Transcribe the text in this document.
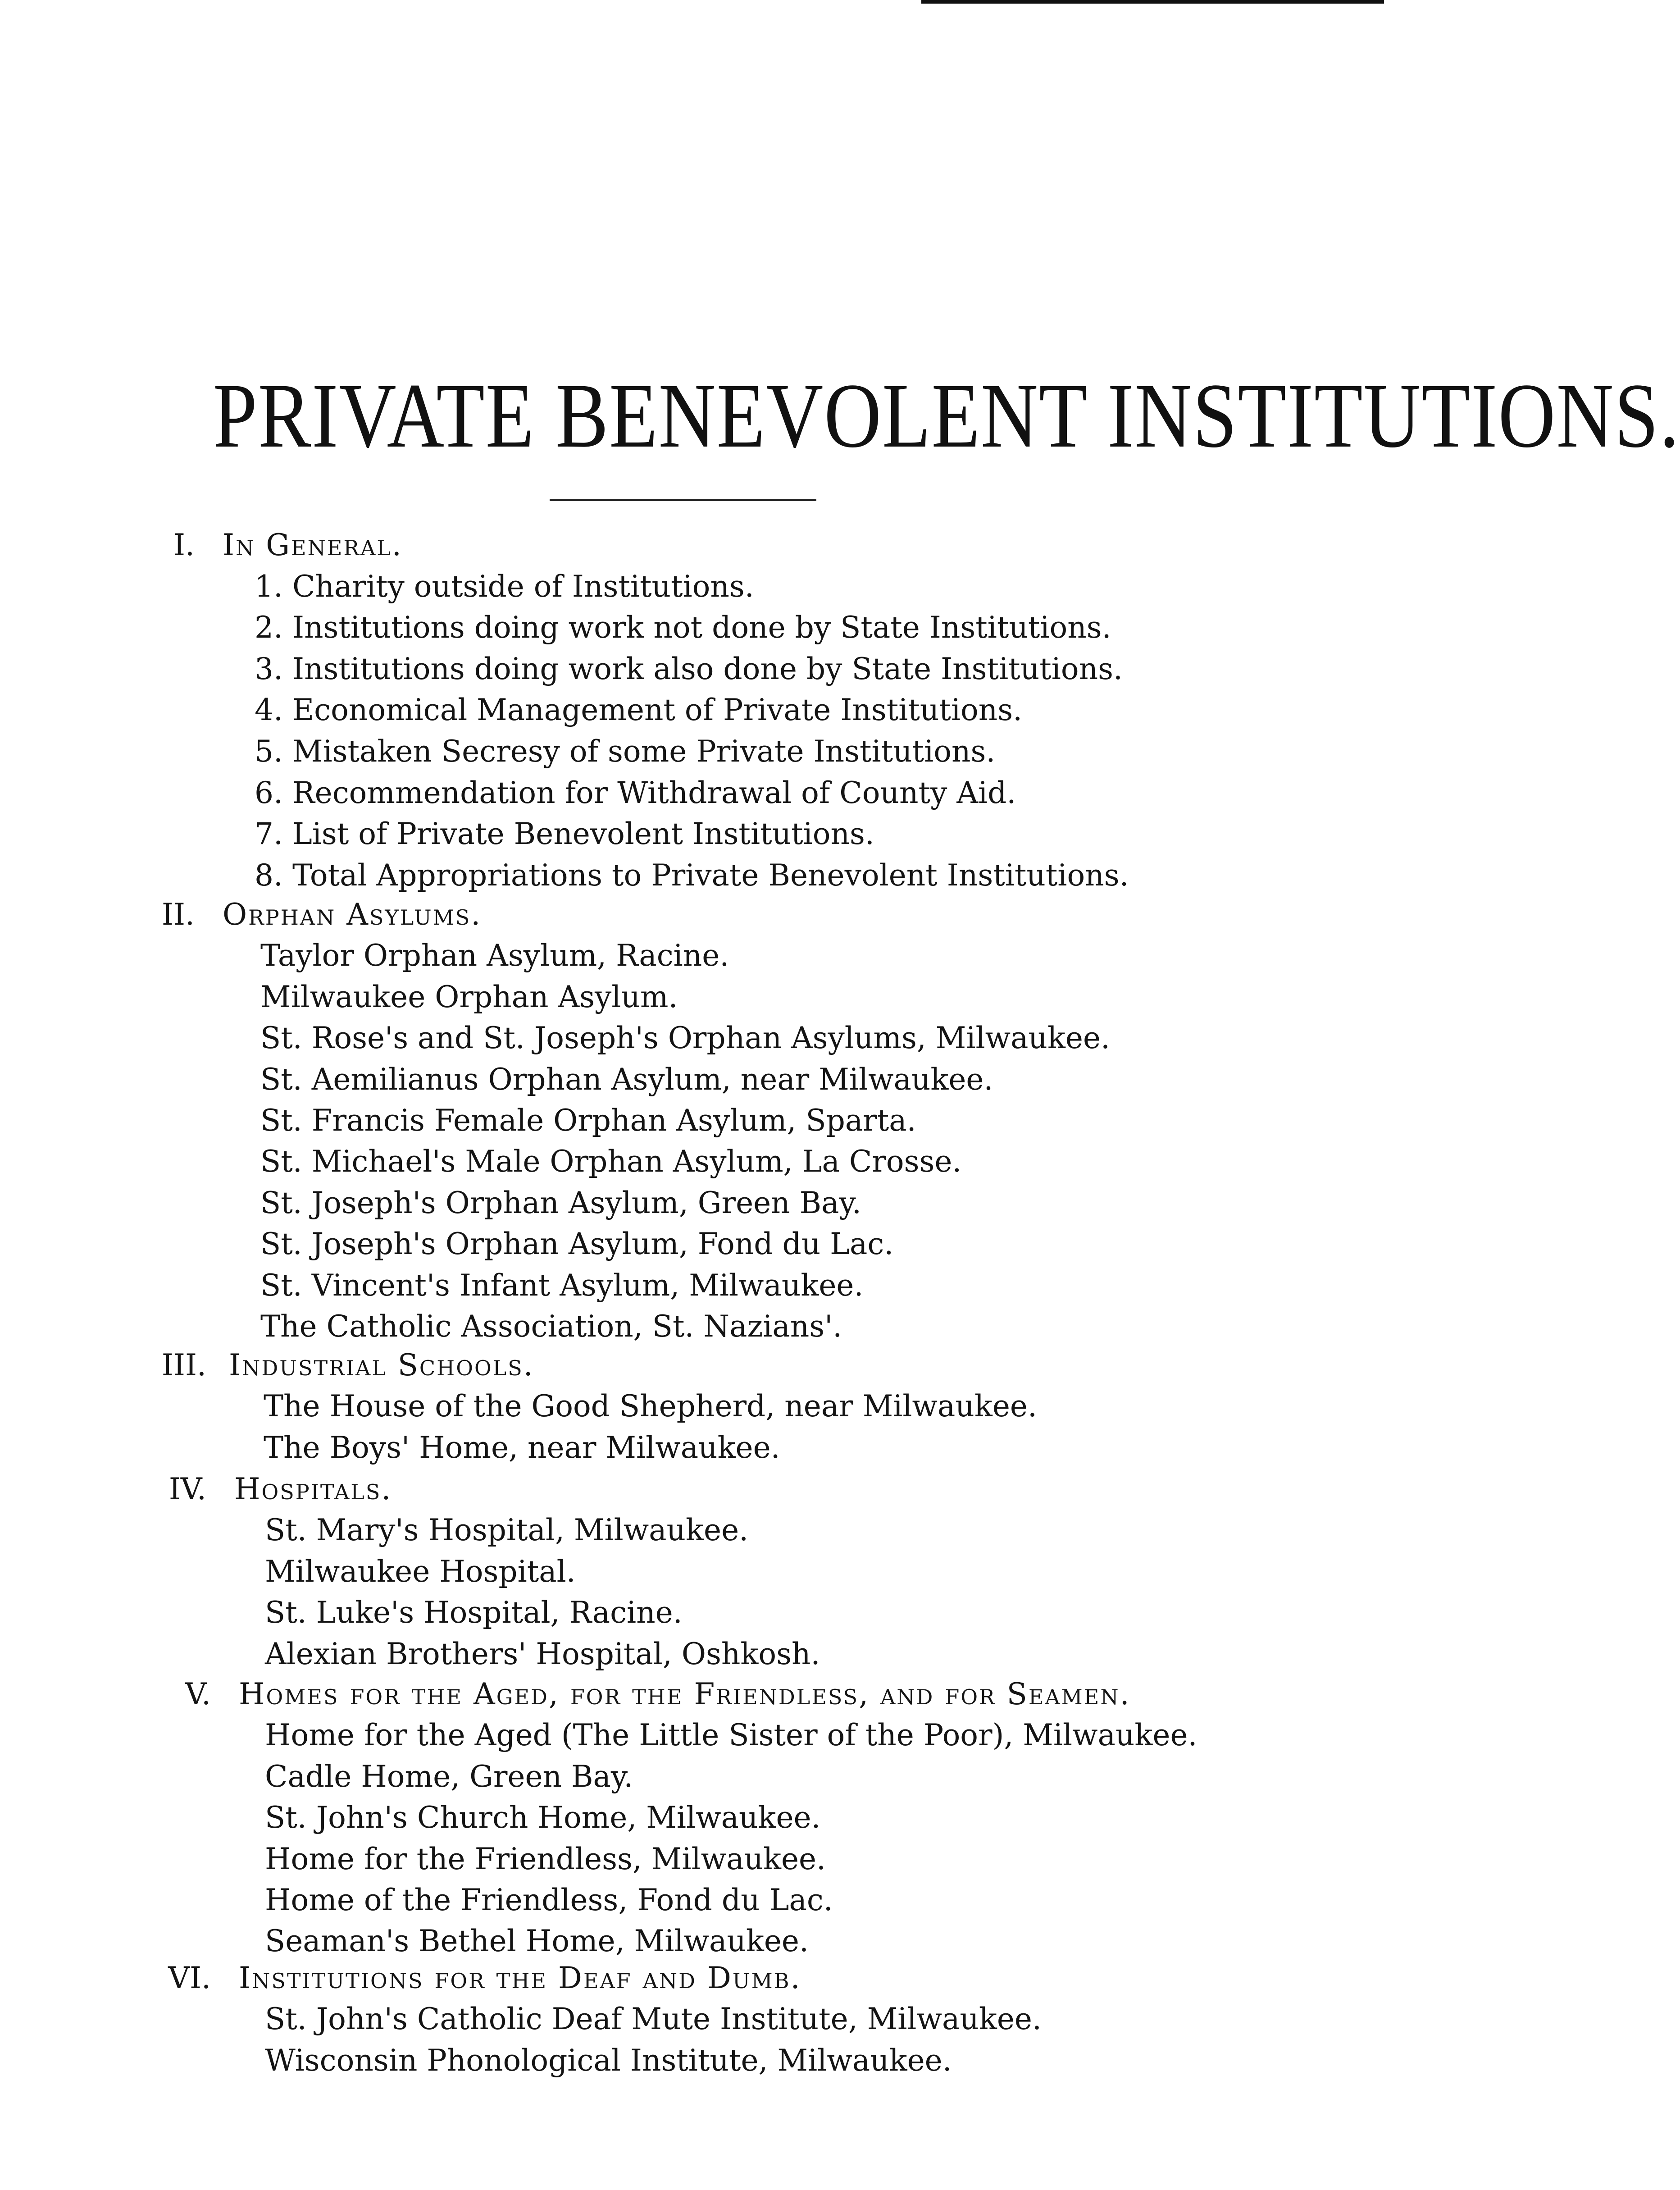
PRIVATE BENEVOLENT INSTITUTIONS.
I. In General.
1. Charity outside of Institutions.
2. Institutions doing work not done by State Institutions.
3. Institutions doing work also done by State Institutions.
4. Economical Management of Private Institutions.
5. Mistaken Secresy of some Private Institutions.
6. Recommendation for Withdrawal of County Aid.
7. List of Private Benevolent Institutions.
8. Total Appropriations to Private Benevolent Institutions.
II. Orphan Asylums.
Taylor Orphan Asylum, Racine.
Milwaukee Orphan Asylum.
St. Rose's and St. Joseph's Orphan Asylums, Milwaukee.
St. Aemilianus Orphan Asylum, near Milwaukee.
St. Francis Female Orphan Asylum, Sparta.
St. Michael's Male Orphan Asylum, La Crosse.
St. Joseph's Orphan Asylum, Green Bay.
St. Joseph's Orphan Asylum, Fond du Lac.
St. Vincent's Infant Asylum, Milwaukee.
The Catholic Association, St. Nazians'.
III. Industrial Schools.
The House of the Good Shepherd, near Milwaukee.
The Boys' Home, near Milwaukee.
IV. Hospitals.
St. Mary's Hospital, Milwaukee.
Milwaukee Hospital.
St. Luke's Hospital, Racine.
Alexian Brothers' Hospital, Oshkosh.
V. Homes for the Aged, for the Friendless, and for Seamen.
Home for the Aged (The Little Sister of the Poor), Milwaukee.
Cadle Home, Green Bay.
St. John's Church Home, Milwaukee.
Home for the Friendless, Milwaukee.
Home of the Friendless, Fond du Lac.
Seaman's Bethel Home, Milwaukee.
VI. Institutions for the Deaf and Dumb.
St. John's Catholic Deaf Mute Institute, Milwaukee.
Wisconsin Phonological Institute, Milwaukee.
